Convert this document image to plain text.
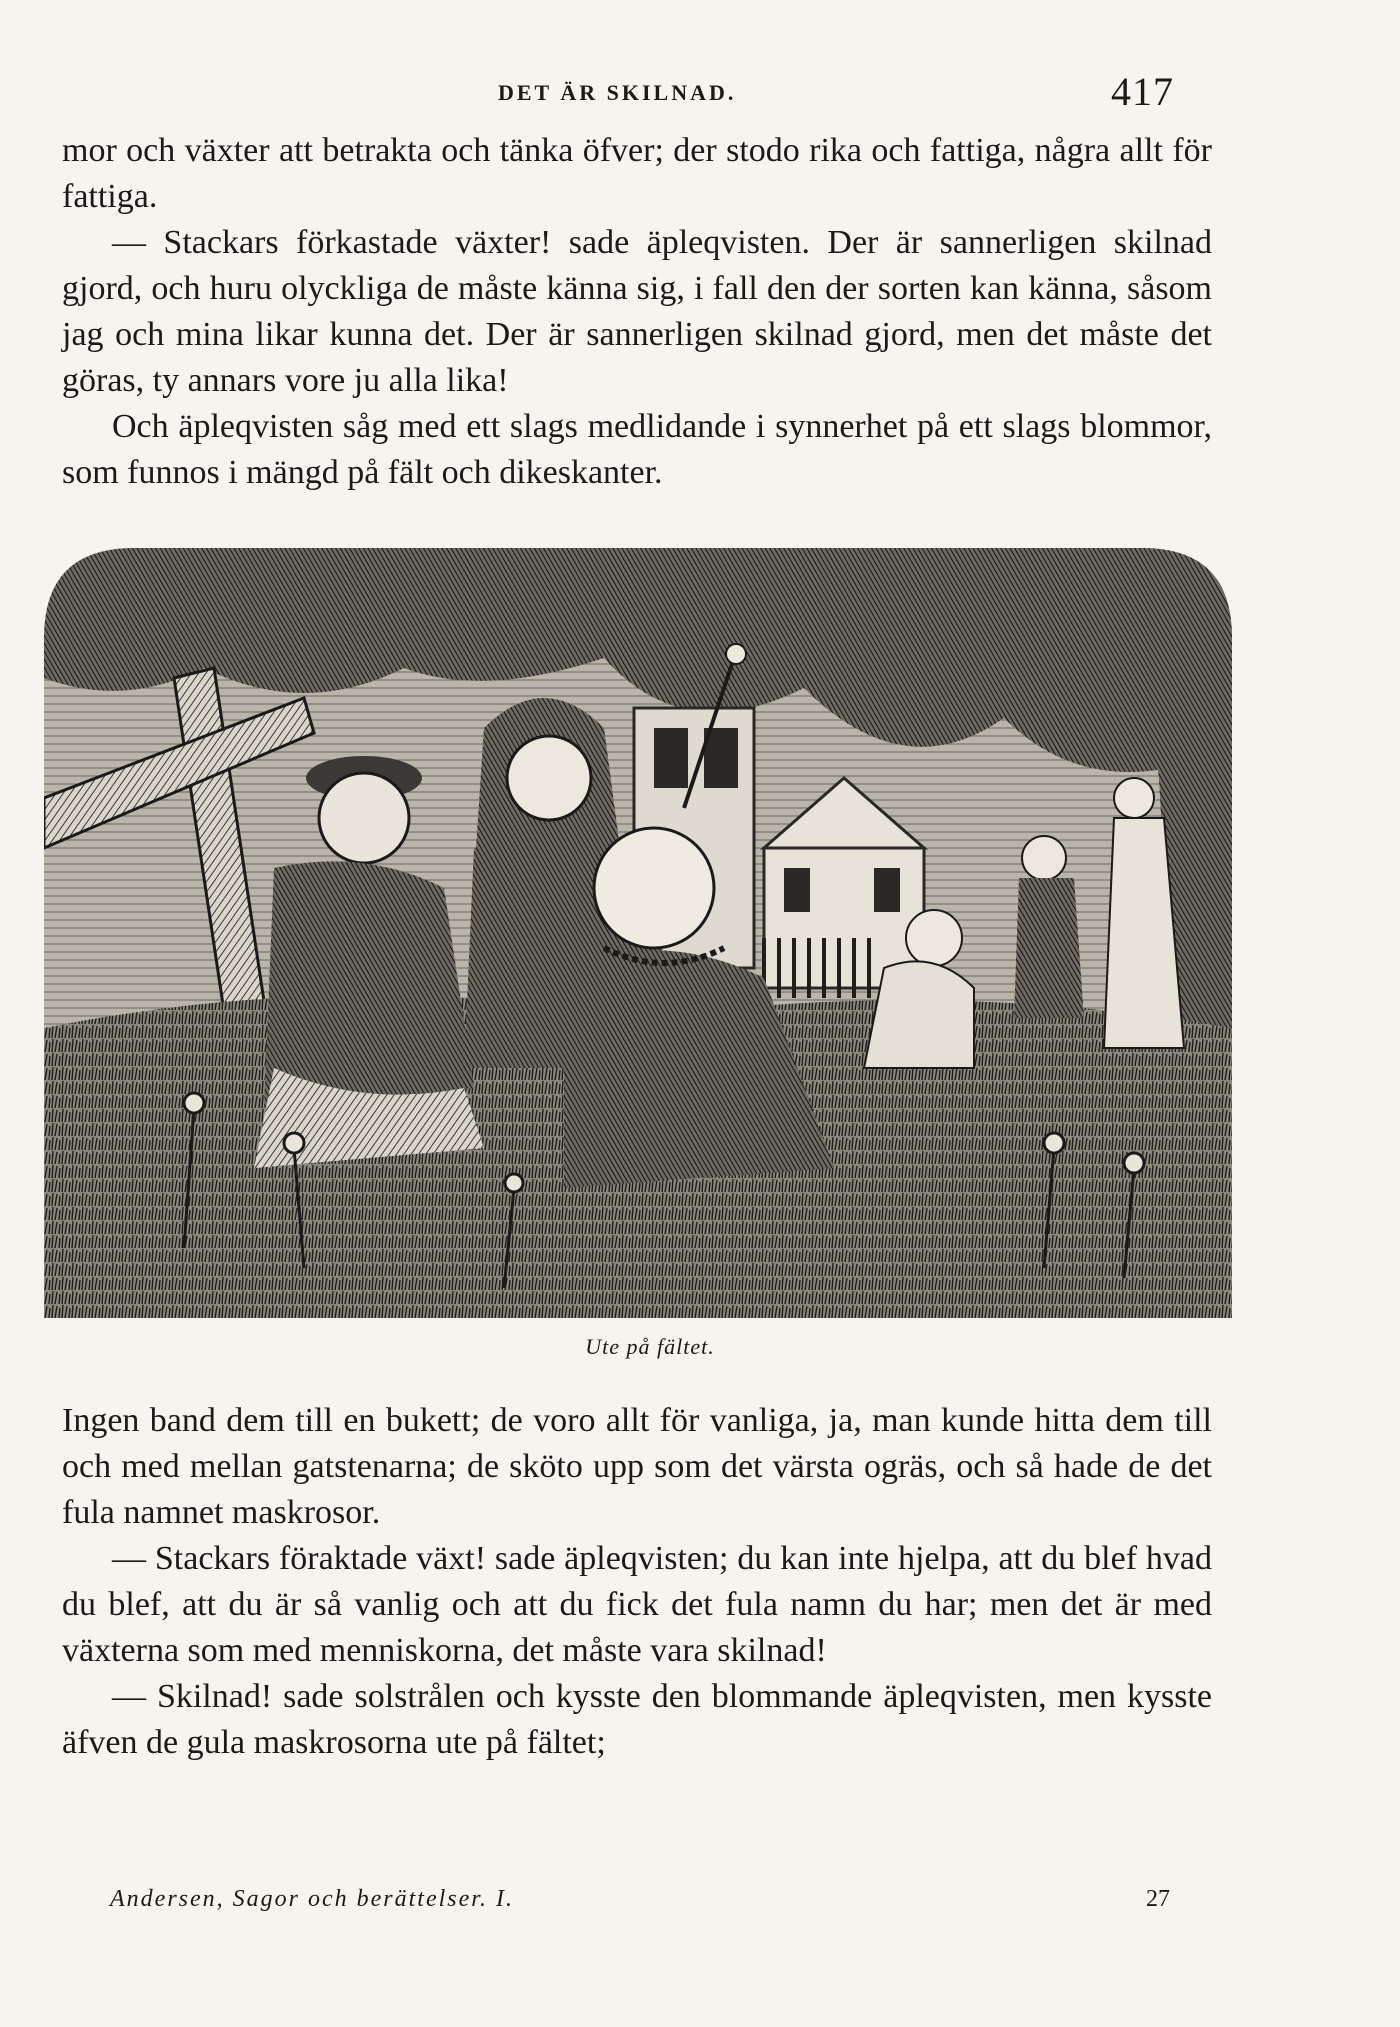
DET ÄR SKILNAD.	417

mor och växter att betrakta och tänka öfver; der stodo rika och fattiga, några allt för fattiga.

— Stackars förkastade växter! sade äpleqvisten. Der är sannerligen skilnad gjord, och huru olyckliga de måste känna sig, i fall den der sorten kan känna, såsom jag och mina likar kunna det. Der är sannerligen skilnad gjord, men det måste det göras, ty annars vore ju alla lika!

Och äpleqvisten såg med ett slags medlidande i synnerhet på ett slags blommor, som funnos i mängd på fält och dikeskanter.

Ute på fältet.

Ingen band dem till en bukett; de voro allt för vanliga, ja, man kunde hitta dem till och med mellan gatstenarna; de sköto upp som det värsta ogräs, och så hade de det fula namnet maskrosor.

— Stackars föraktade växt! sade äpleqvisten; du kan inte hjelpa, att du blef hvad du blef, att du är så vanlig och att du fick det fula namn du har; men det är med växterna som med menniskorna, det måste vara skilnad!

— Skilnad! sade solstrålen och kysste den blommande äpleqvisten, men kysste äfven de gula maskrosorna ute på fältet;

Andersen, Sagor och berättelser. I.	27
